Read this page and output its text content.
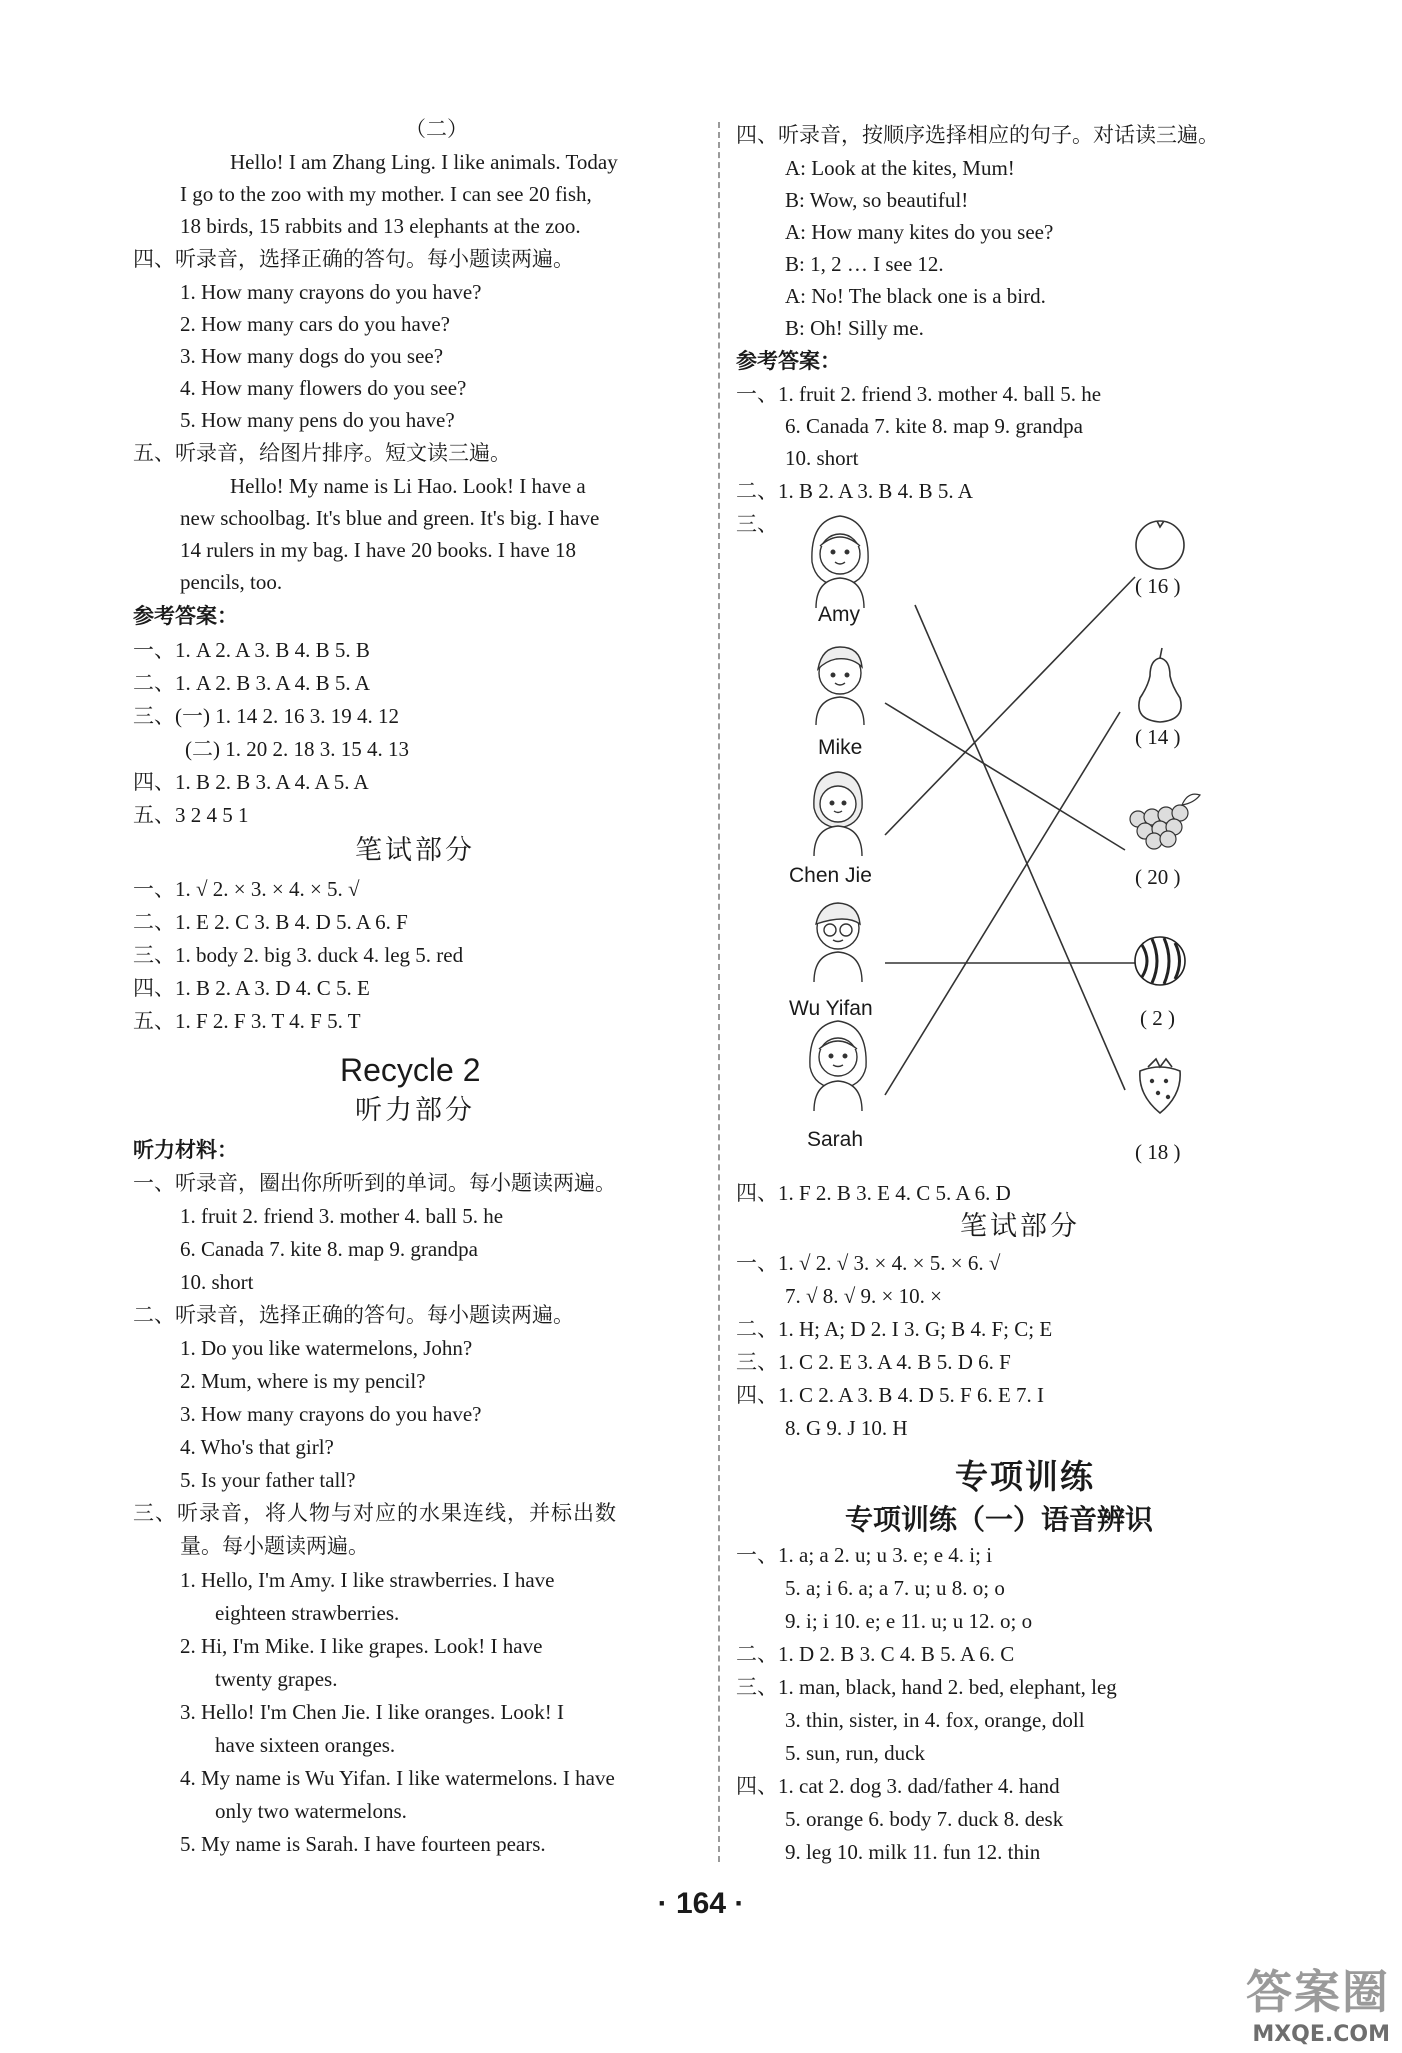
（二）
Hello! I am Zhang Ling. I like animals. Today
I go to the zoo with my mother. I can see 20 fish,
18 birds, 15 rabbits and 13 elephants at the zoo.
四、听录音，选择正确的答句。每小题读两遍。
1. How many crayons do you have?
2. How many cars do you have?
3. How many dogs do you see?
4. How many flowers do you see?
5. How many pens do you have?
五、听录音，给图片排序。短文读三遍。
Hello! My name is Li Hao. Look! I have a
new schoolbag. It's blue and green. It's big. I have
14 rulers in my bag. I have 20 books. I have 18
pencils, too.
参考答案：
一、1. A 2. A 3. B 4. B 5. B
二、1. A 2. B 3. A 4. B 5. A
三、(一) 1. 14 2. 16 3. 19 4. 12
(二) 1. 20 2. 18 3. 15 4. 13
四、1. B 2. B 3. A 4. A 5. A
五、3 2 4 5 1
笔试部分
一、1. √ 2. × 3. × 4. × 5. √
二、1. E 2. C 3. B 4. D 5. A 6. F
三、1. body 2. big 3. duck 4. leg 5. red
四、1. B 2. A 3. D 4. C 5. E
五、1. F 2. F 3. T 4. F 5. T
Recycle 2
听力部分
听力材料：
一、听录音，圈出你所听到的单词。每小题读两遍。
1. fruit 2. friend 3. mother 4. ball 5. he
6. Canada 7. kite 8. map 9. grandpa
10. short
二、听录音，选择正确的答句。每小题读两遍。
1. Do you like watermelons, John?
2. Mum, where is my pencil?
3. How many crayons do you have?
4. Who's that girl?
5. Is your father tall?
三、听录音，将人物与对应的水果连线，并标出数
量。每小题读两遍。
1. Hello, I'm Amy. I like strawberries. I have
eighteen strawberries.
2. Hi, I'm Mike. I like grapes. Look! I have
twenty grapes.
3. Hello! I'm Chen Jie. I like oranges. Look! I
have sixteen oranges.
4. My name is Wu Yifan. I like watermelons. I have
only two watermelons.
5. My name is Sarah. I have fourteen pears.
四、听录音，按顺序选择相应的句子。对话读三遍。
A: Look at the kites, Mum!
B: Wow, so beautiful!
A: How many kites do you see?
B: 1, 2 … I see 12.
A: No! The black one is a bird.
B: Oh! Silly me.
参考答案：
一、1. fruit 2. friend 3. mother 4. ball 5. he
6. Canada 7. kite 8. map 9. grandpa
10. short
二、1. B 2. A 3. B 4. B 5. A
三、
Amy
Mike
Chen Jie
Wu Yifan
Sarah
( 16 )
( 14 )
( 20 )
( 2 )
( 18 )
四、1. F 2. B 3. E 4. C 5. A 6. D
笔试部分
一、1. √ 2. √ 3. × 4. × 5. × 6. √
7. √ 8. √ 9. × 10. ×
二、1. H; A; D 2. I 3. G; B 4. F; C; E
三、1. C 2. E 3. A 4. B 5. D 6. F
四、1. C 2. A 3. B 4. D 5. F 6. E 7. I
8. G 9. J 10. H
专项训练
专项训练（一）语音辨识
一、1. a; a 2. u; u 3. e; e 4. i; i
5. a; i 6. a; a 7. u; u 8. o; o
9. i; i 10. e; e 11. u; u 12. o; o
二、1. D 2. B 3. C 4. B 5. A 6. C
三、1. man, black, hand 2. bed, elephant, leg
3. thin, sister, in 4. fox, orange, doll
5. sun, run, duck
四、1. cat 2. dog 3. dad/father 4. hand
5. orange 6. body 7. duck 8. desk
9. leg 10. milk 11. fun 12. thin
· 164 ·
答案圈
MXQE.COM
